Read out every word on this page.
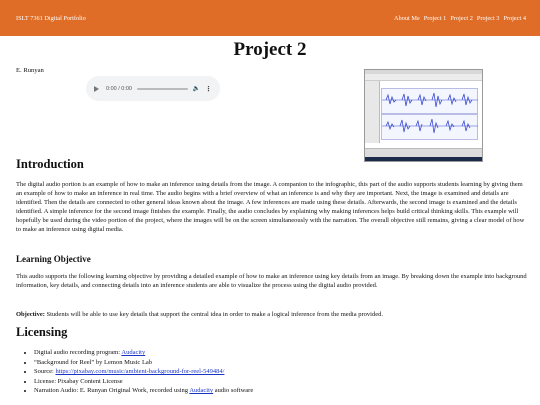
ISLT 7361 Digital Portfolio	About Me Project 1 Project 2 Project 3 Project 4
Project 2
E. Runyan
0:00 / 0:00	🔈 ⋮
Introduction

The digital audio portion is an example of how to make an inference using details from the image. A companion to the infographic, this part of the audio supports students learning by giving them an example of how to make an inference in real time. The audio begins with a brief overview of what an inference is and why they are important. Next, the image is examined and details are identified. Then the details are connected to other general ideas known about the image. A few inferences are made using these details. Afterwards, the second image is examined and the details identified. A simple inference for the second image finishes the example. Finally, the audio concludes by explaining why making inferences helps build critical thinking skills. This example will hopefully be used during the video portion of the project, where the images will be on the screen simultaneously with the narration. The overall objective still remains, giving a clear model of how to make an inference using digital media.

Learning Objective

This audio supports the following learning objective by providing a detailed example of how to make an inference using key details from an image. By breaking down the example into background information, key details, and connecting details into an inference students are able to visualize the process using the digital audio provided.

Objective: Students will be able to use key details that support the central idea in order to make a logical inference from the media provided.

Licensing
• Digital audio recording program: Audacity
• “Background for Reel” by Lemon Music Lab
• Source: https://pixabay.com/music/ambient-background-for-reel-549484/
• License: Pixabay Content License
• Narration Audio: E. Runyan Original Work, recorded using Audacity audio software
